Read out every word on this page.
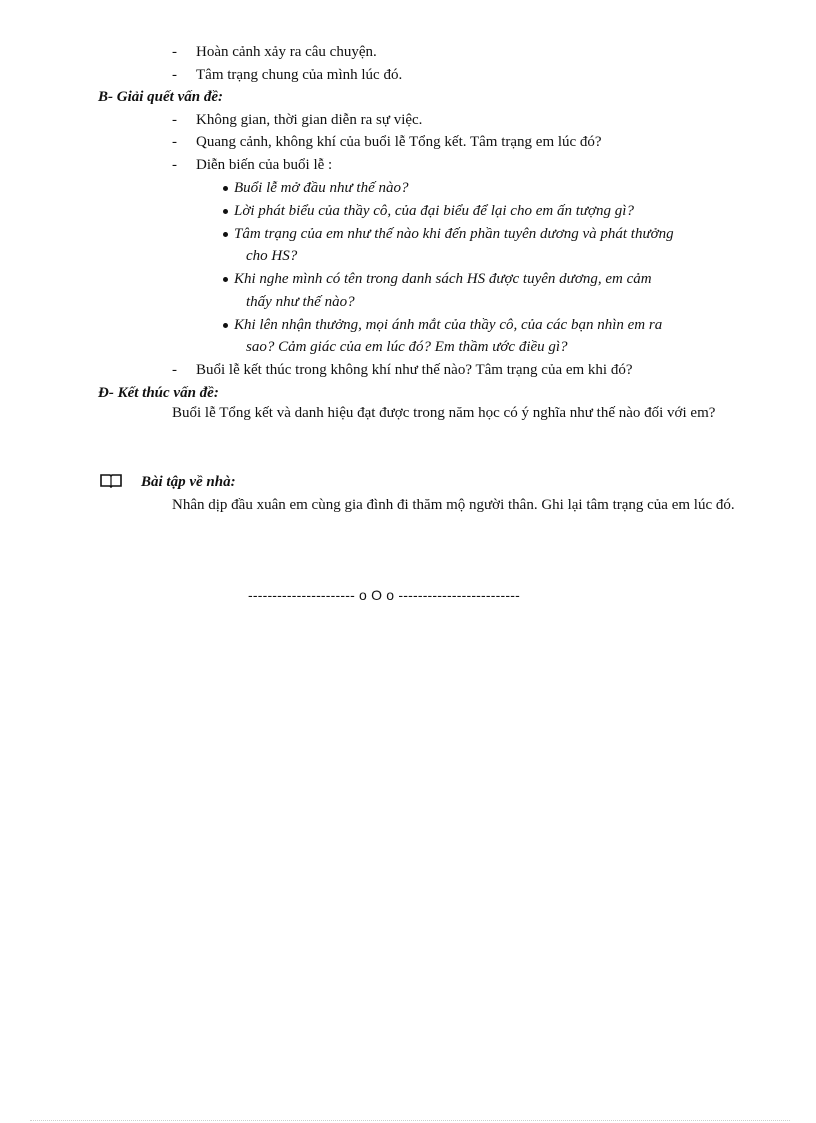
- Hoàn cảnh xảy ra câu chuyện.
- Tâm trạng chung của mình lúc đó.
B- Giải quết vấn đề:
- Không gian, thời gian diễn ra sự việc.
- Quang cảnh, không khí của buổi lễ Tổng kết. Tâm trạng em lúc đó?
- Diễn biến của buổi lễ :
Buổi lễ mở đầu như thế nào?
Lời phát biểu của thầy cô, của đại biểu để lại cho em ấn tượng gì?
Tâm trạng của em như thế nào khi đến phần tuyên dương và phát thưởng
cho HS?
Khi nghe mình có tên trong danh sách HS được tuyên dương, em cảm
thấy như thế nào?
Khi lên nhận thưởng, mọi ánh mắt của thầy cô, của các bạn nhìn em ra
sao? Cảm giác của em lúc đó? Em thầm ước điều gì?
- Buổi lễ kết thúc trong không khí như thế nào? Tâm trạng của em khi đó?
Đ- Kết thúc vấn đề:
Buổi lễ Tổng kết và danh hiệu đạt được trong năm học có ý nghĩa như thế nào đối với em?
Bài tập về nhà:
Nhân dịp đầu xuân em cùng gia đình đi thăm mộ người thân. Ghi lại tâm trạng của em lúc đó.
---------------------- o O o -------------------------
